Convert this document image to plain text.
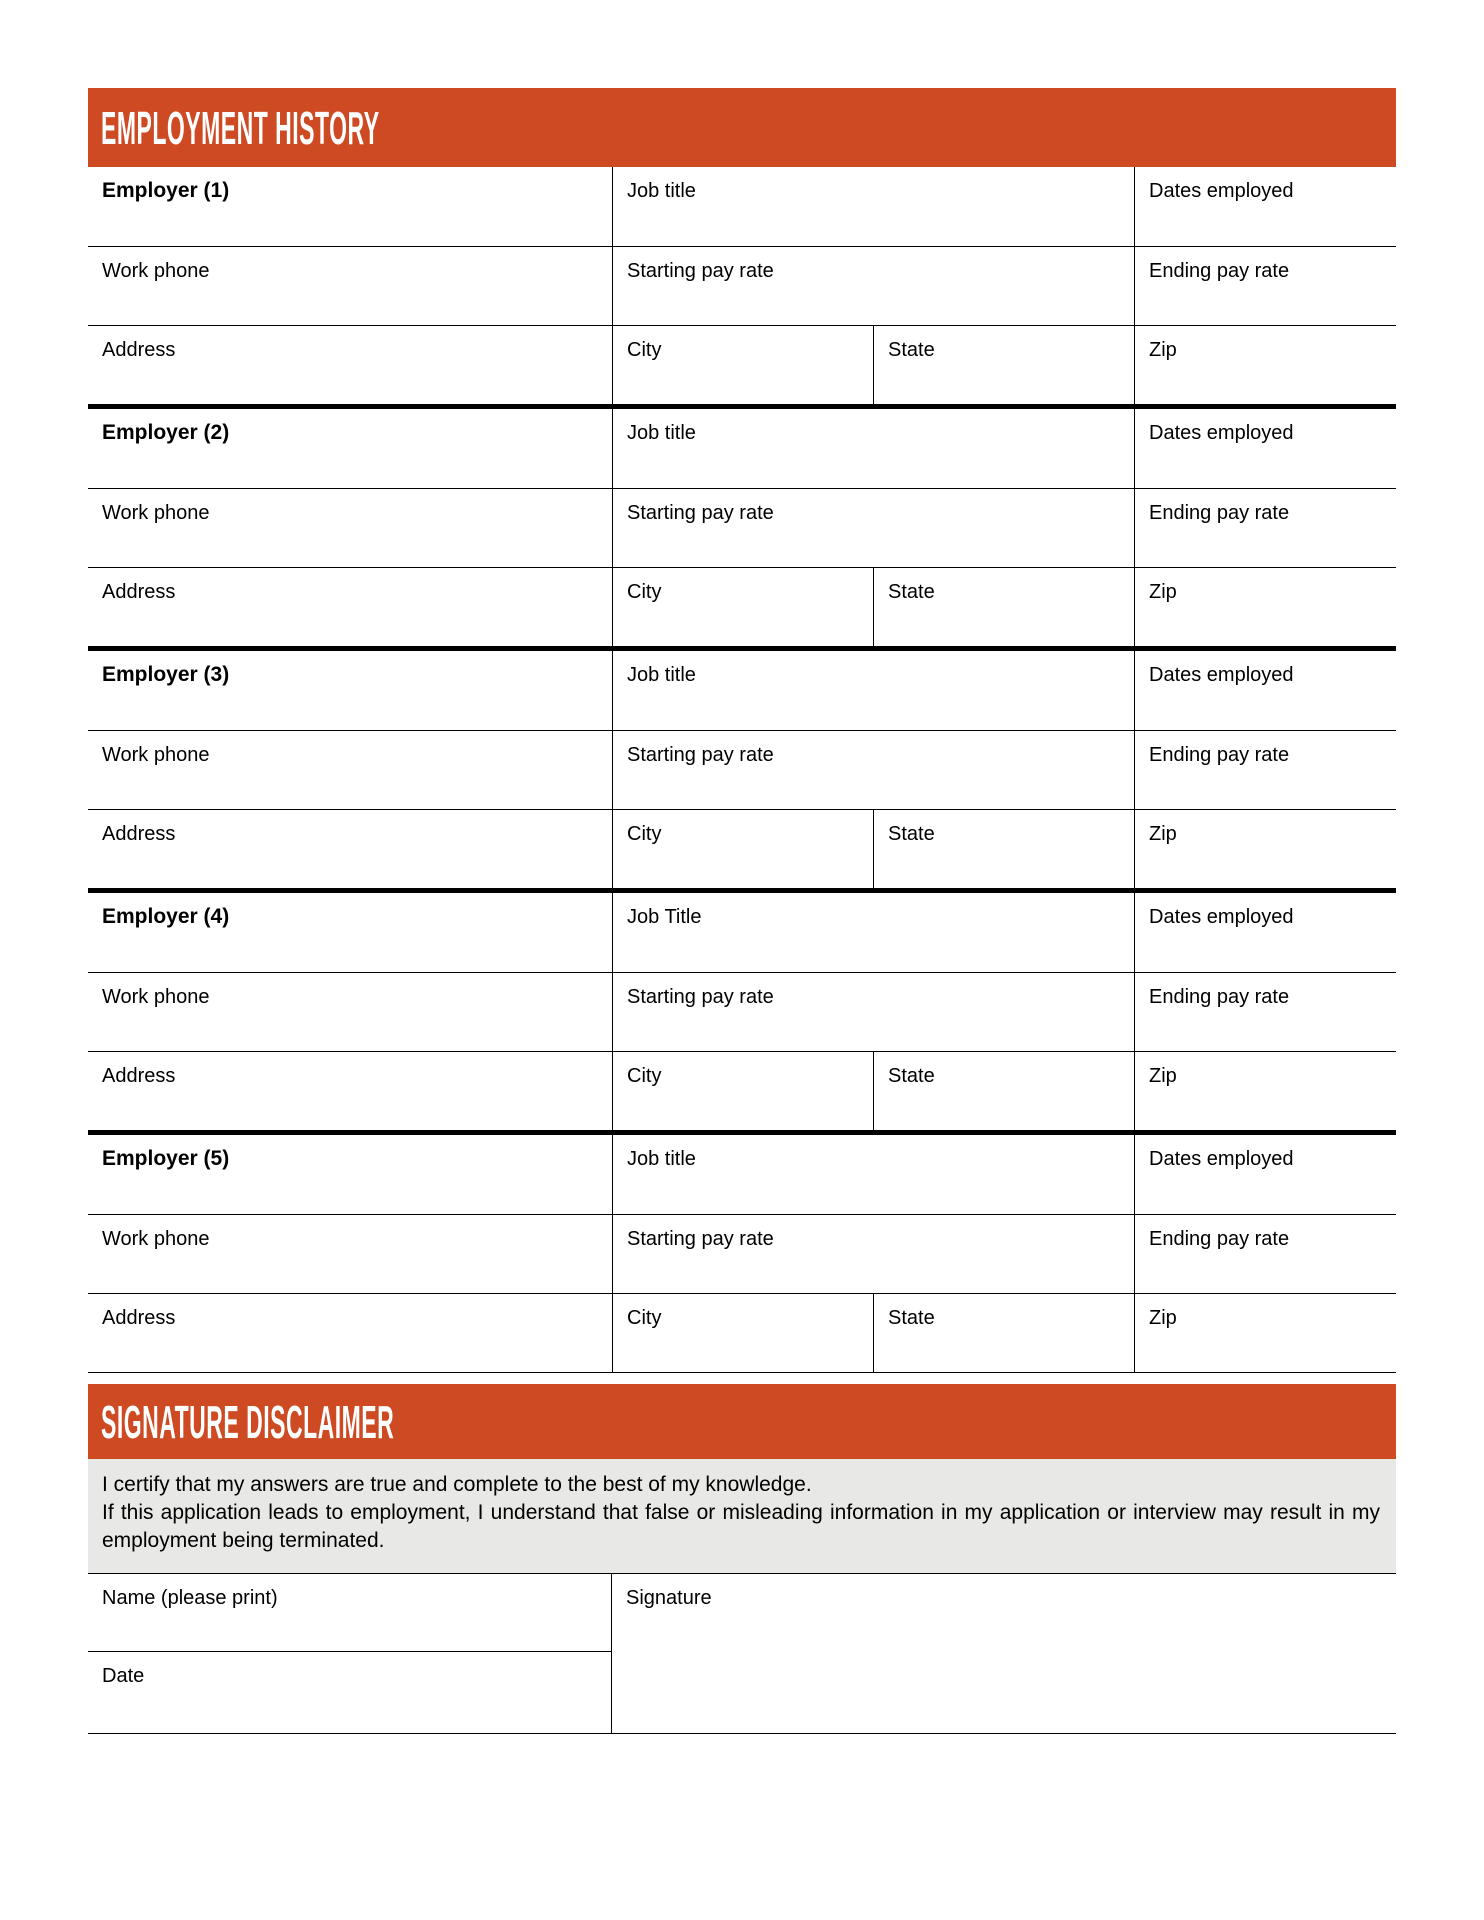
EMPLOYMENT HISTORY
Employer (1)	Job title	Dates employed
Work phone	Starting pay rate	Ending pay rate
Address	City	State	Zip
Employer (2)	Job title	Dates employed
Work phone	Starting pay rate	Ending pay rate
Address	City	State	Zip
Employer (3)	Job title	Dates employed
Work phone	Starting pay rate	Ending pay rate
Address	City	State	Zip
Employer (4)	Job Title	Dates employed
Work phone	Starting pay rate	Ending pay rate
Address	City	State	Zip
Employer (5)	Job title	Dates employed
Work phone	Starting pay rate	Ending pay rate
Address	City	State	Zip
SIGNATURE DISCLAIMER

I certify that my answers are true and complete to the best of my knowledge.

If this application leads to employment, I understand that false or misleading information in my application or interview may result in my employment being terminated.

Name (please print)
Date
Signature
